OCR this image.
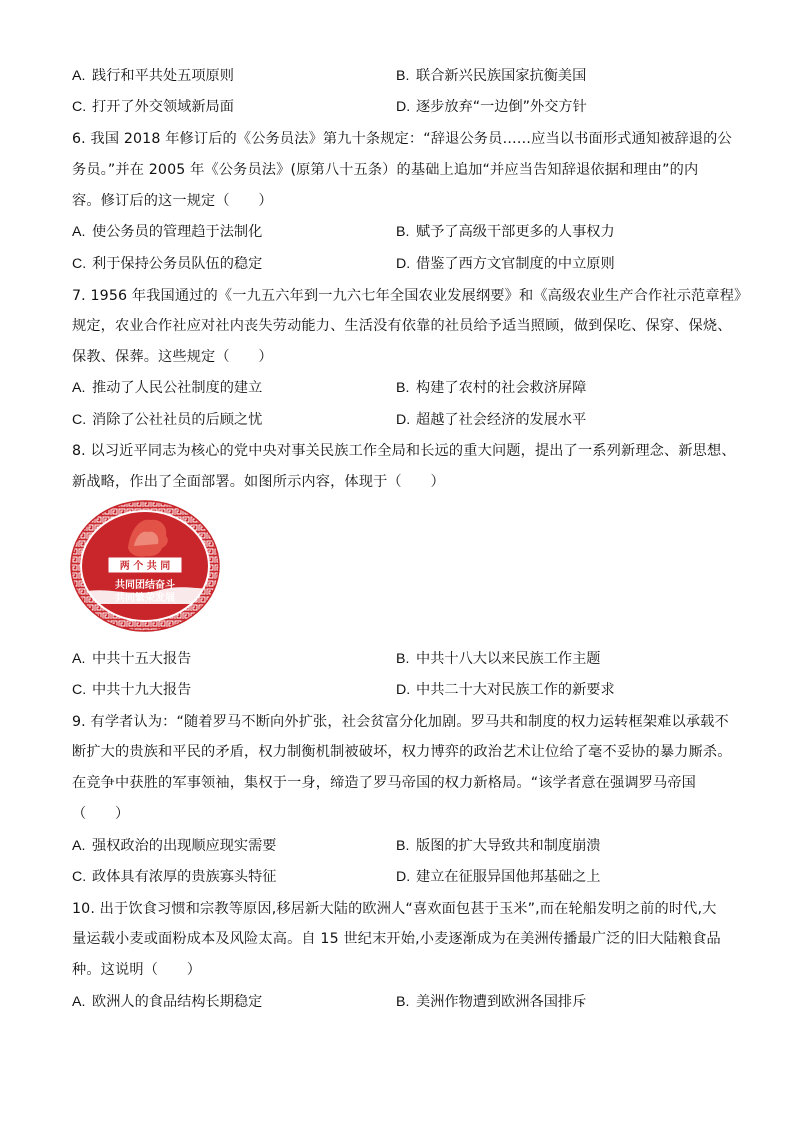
A. 践行和平共处五项原则	B. 联合新兴民族国家抗衡美国
C. 打开了外交领域新局面	D. 逐步放弃“一边倒”外交方针
6. 我国 2018 年修订后的《公务员法》第九十条规定：“辞退公务员……应当以书面形式通知被辞退的公
务员。”并在 2005 年《公务员法》(原第八十五条）的基础上追加“并应当告知辞退依据和理由”的内
容。修订后的这一规定（　　）
A. 使公务员的管理趋于法制化	B. 赋予了高级干部更多的人事权力
C. 利于保持公务员队伍的稳定	D. 借鉴了西方文官制度的中立原则
7. 1956 年我国通过的《一九五六年到一九六七年全国农业发展纲要》和《高级农业生产合作社示范章程》
规定，农业合作社应对社内丧失劳动能力、生活没有依靠的社员给予适当照顾，做到保吃、保穿、保烧、
保教、保葬。这些规定（　　）
A. 推动了人民公社制度的建立	B. 构建了农村的社会救济屏障
C. 消除了公社社员的后顾之忧	D. 超越了社会经济的发展水平
8. 以习近平同志为核心的党中央对事关民族工作全局和长远的重大问题，提出了一系列新理念、新思想、
新战略，作出了全面部署。如图所示内容，体现于（　　）
两 个 共 同
共同团结奋斗
共同繁荣发展
A. 中共十五大报告	B. 中共十八大以来民族工作主题
C. 中共十九大报告	D. 中共二十大对民族工作的新要求
9. 有学者认为：“随着罗马不断向外扩张，社会贫富分化加剧。罗马共和制度的权力运转框架难以承载不
断扩大的贵族和平民的矛盾，权力制衡机制被破坏，权力博弈的政治艺术让位给了毫不妥协的暴力厮杀。
在竞争中获胜的军事领袖，集权于一身，缔造了罗马帝国的权力新格局。“该学者意在强调罗马帝国
（　　）
A. 强权政治的出现顺应现实需要	B. 版图的扩大导致共和制度崩溃
C. 政体具有浓厚的贵族寡头特征	D. 建立在征服异国他邦基础之上
10. 出于饮食习惯和宗教等原因,移居新大陆的欧洲人“喜欢面包甚于玉米”,而在轮船发明之前的时代,大
量运载小麦或面粉成本及风险太高。自 15 世纪末开始,小麦逐渐成为在美洲传播最广泛的旧大陆粮食品
种。这说明（　　）
A. 欧洲人的食品结构长期稳定	B. 美洲作物遭到欧洲各国排斥
